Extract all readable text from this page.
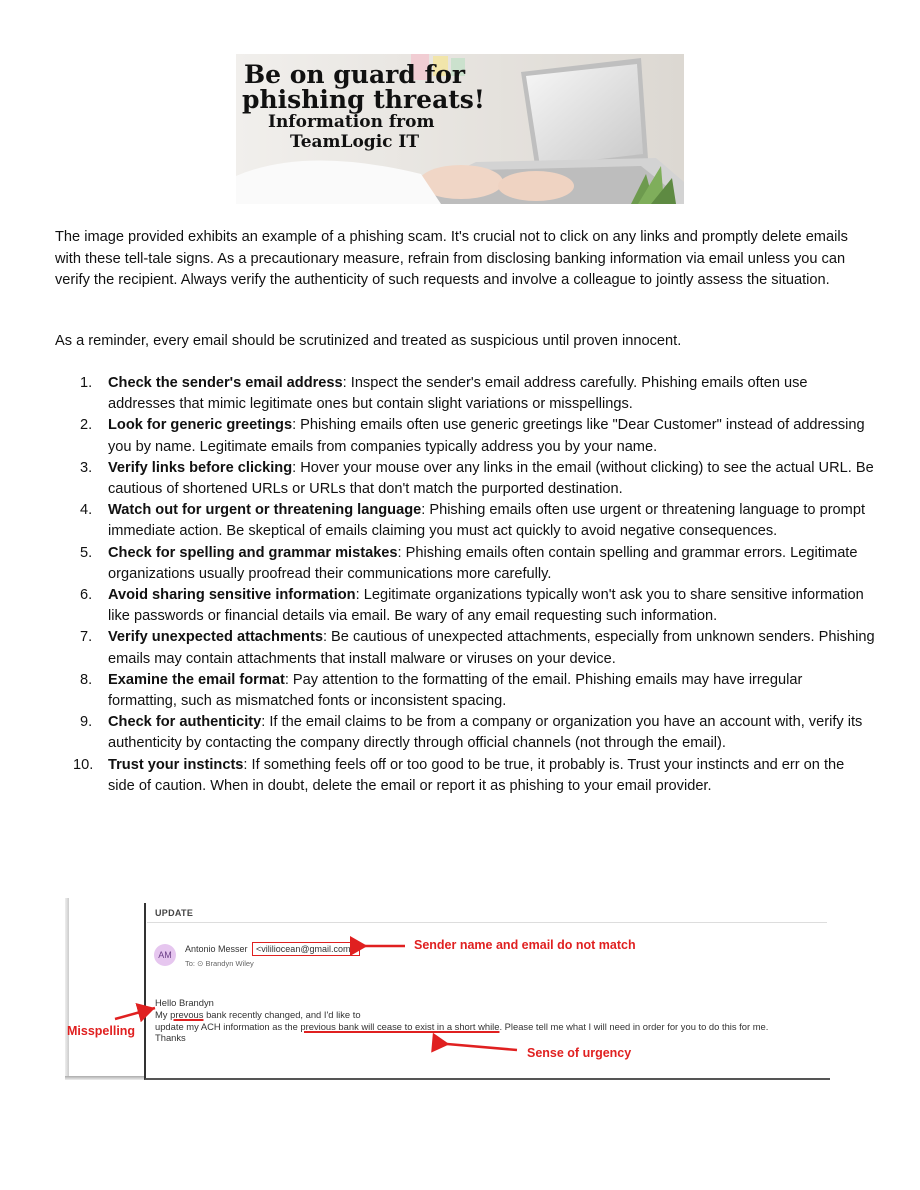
Be on guard for
phishing threats!
Information from
TeamLogic IT

The image provided exhibits an example of a phishing scam. It's crucial not to click on any links and promptly delete emails with these tell-tale signs. As a precautionary measure, refrain from disclosing banking information via email unless you can verify the recipient. Always verify the authenticity of such requests and involve a colleague to jointly assess the situation.

As a reminder, every email should be scrutinized and treated as suspicious until proven innocent.

1. Check the sender's email address: Inspect the sender's email address carefully. Phishing emails often use addresses that mimic legitimate ones but contain slight variations or misspellings.
2. Look for generic greetings: Phishing emails often use generic greetings like "Dear Customer" instead of addressing you by name. Legitimate emails from companies typically address you by your name.
3. Verify links before clicking: Hover your mouse over any links in the email (without clicking) to see the actual URL. Be cautious of shortened URLs or URLs that don't match the purported destination.
4. Watch out for urgent or threatening language: Phishing emails often use urgent or threatening language to prompt immediate action. Be skeptical of emails claiming you must act quickly to avoid negative consequences.
5. Check for spelling and grammar mistakes: Phishing emails often contain spelling and grammar errors. Legitimate organizations usually proofread their communications more carefully.
6. Avoid sharing sensitive information: Legitimate organizations typically won't ask you to share sensitive information like passwords or financial details via email. Be wary of any email requesting such information.
7. Verify unexpected attachments: Be cautious of unexpected attachments, especially from unknown senders. Phishing emails may contain attachments that install malware or viruses on your device.
8. Examine the email format: Pay attention to the formatting of the email. Phishing emails may have irregular formatting, such as mismatched fonts or inconsistent spacing.
9. Check for authenticity: If the email claims to be from a company or organization you have an account with, verify its authenticity by contacting the company directly through official channels (not through the email).
10. Trust your instincts: If something feels off or too good to be true, it probably is. Trust your instincts and err on the side of caution. When in doubt, delete the email or report it as phishing to your email provider.
UPDATE
AM
Antonio Messer <vililiocean@gmail.com>
To: ⊙ Brandyn Wiley
Hello Brandyn
My prevous bank recently changed, and I'd like to
update my ACH information as the previous bank will cease to exist in a short while. Please tell me what I will need in order for you to do this for me.
Thanks
Sender name and email do not match
Misspelling
Sense of urgency
